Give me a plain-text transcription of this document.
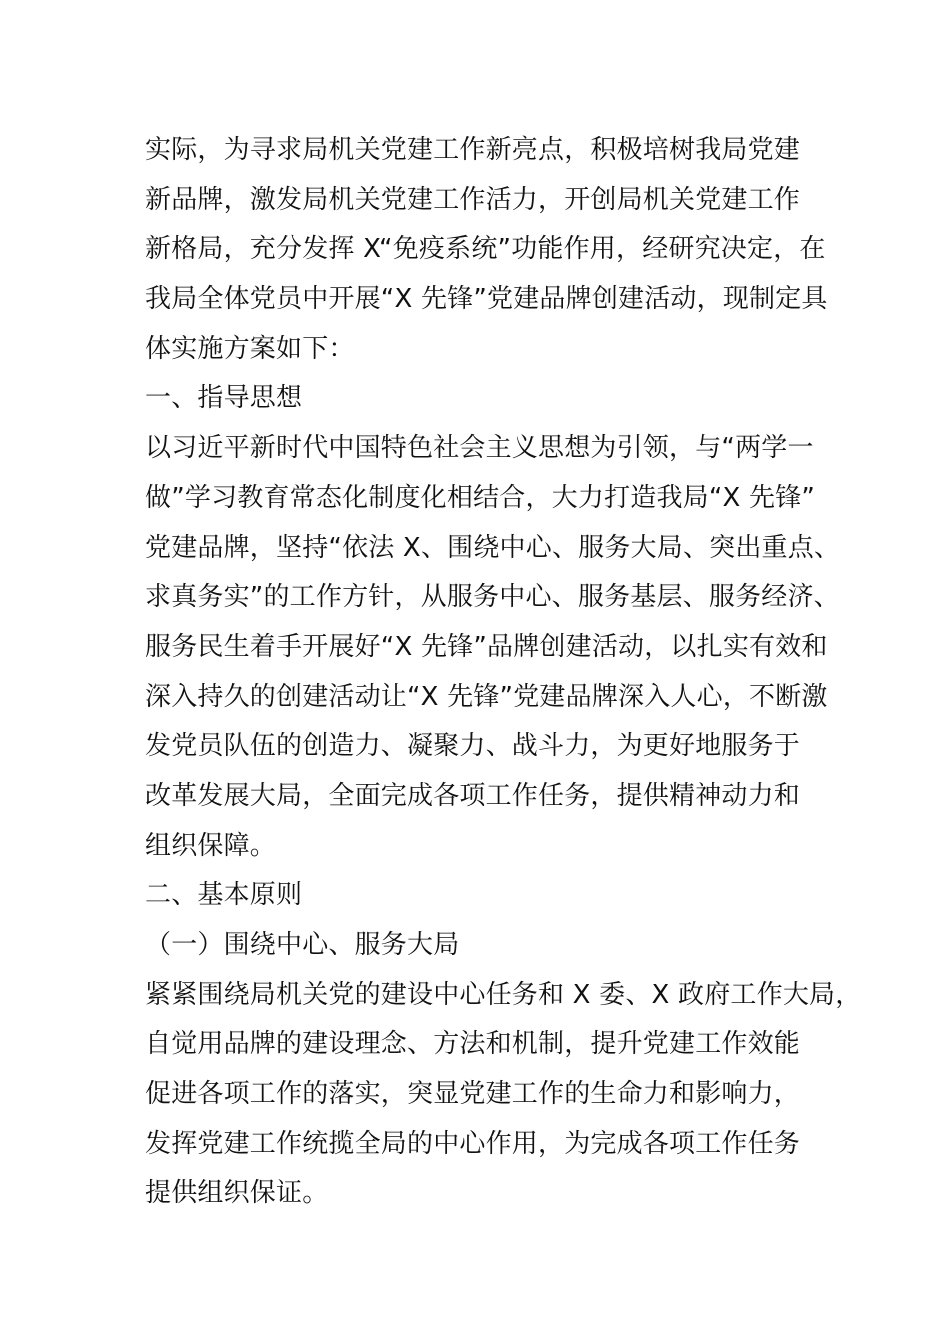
实际，为寻求局机关党建工作新亮点，积极培树我局党建
新品牌，激发局机关党建工作活力，开创局机关党建工作
新格局，充分发挥 X“免疫系统”功能作用，经研究决定，在
我局全体党员中开展“X 先锋”党建品牌创建活动，现制定具
体实施方案如下：
一、指导思想
以习近平新时代中国特色社会主义思想为引领，与“两学一
做”学习教育常态化制度化相结合，大力打造我局“X 先锋”
党建品牌，坚持“依法 X、围绕中心、服务大局、突出重点、
求真务实”的工作方针，从服务中心、服务基层、服务经济、
服务民生着手开展好“X 先锋”品牌创建活动，以扎实有效和
深入持久的创建活动让“X 先锋”党建品牌深入人心，不断激
发党员队伍的创造力、凝聚力、战斗力，为更好地服务于
改革发展大局，全面完成各项工作任务，提供精神动力和
组织保障。
二、基本原则
（一）围绕中心、服务大局
紧紧围绕局机关党的建设中心任务和 X 委、X 政府工作大局，
自觉用品牌的建设理念、方法和机制，提升党建工作效能
促进各项工作的落实，突显党建工作的生命力和影响力，
发挥党建工作统揽全局的中心作用，为完成各项工作任务
提供组织保证。
